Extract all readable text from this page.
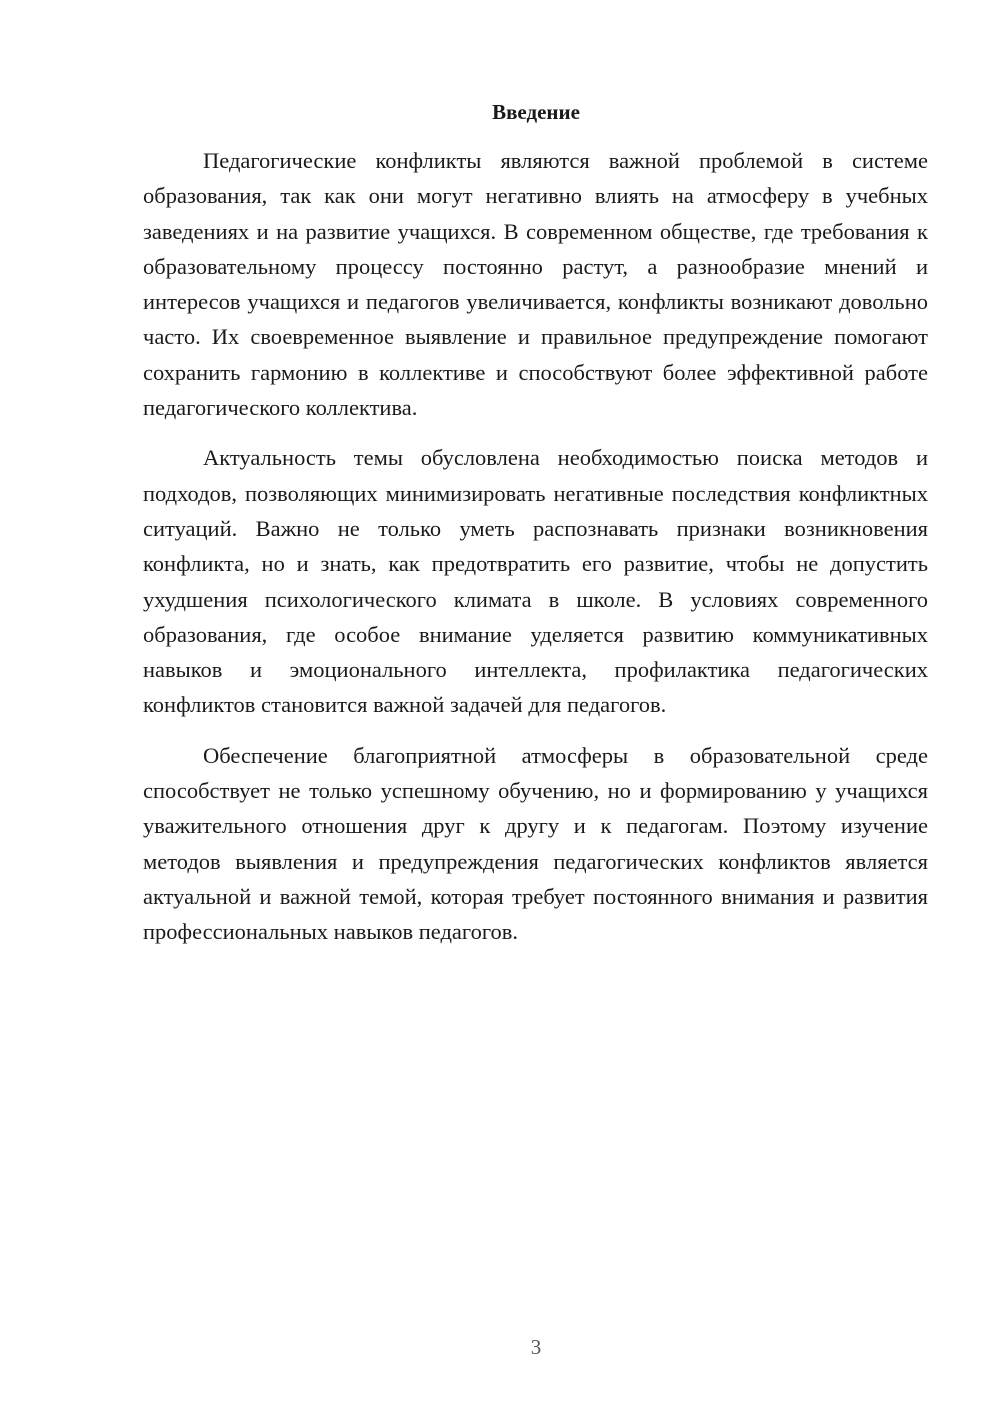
Введение

Педагогические конфликты являются важной проблемой в системе образования, так как они могут негативно влиять на атмосферу в учебных заведениях и на развитие учащихся. В современном обществе, где требования к образовательному процессу постоянно растут, а разнообразие мнений и интересов учащихся и педагогов увеличивается, конфликты возникают довольно часто. Их своевременное выявление и правильное предупреждение помогают сохранить гармонию в коллективе и способствуют более эффективной работе педагогического коллектива.

Актуальность темы обусловлена необходимостью поиска методов и подходов, позволяющих минимизировать негативные последствия конфликтных ситуаций. Важно не только уметь распознавать признаки возникновения конфликта, но и знать, как предотвратить его развитие, чтобы не допустить ухудшения психологического климата в школе. В условиях современного образования, где особое внимание уделяется развитию коммуникативных навыков и эмоционального интеллекта, профилактика педагогических конфликтов становится важной задачей для педагогов.

Обеспечение благоприятной атмосферы в образовательной среде способствует не только успешному обучению, но и формированию у учащихся уважительного отношения друг к другу и к педагогам. Поэтому изучение методов выявления и предупреждения педагогических конфликтов является актуальной и важной темой, которая требует постоянного внимания и развития профессиональных навыков педагогов.

3
